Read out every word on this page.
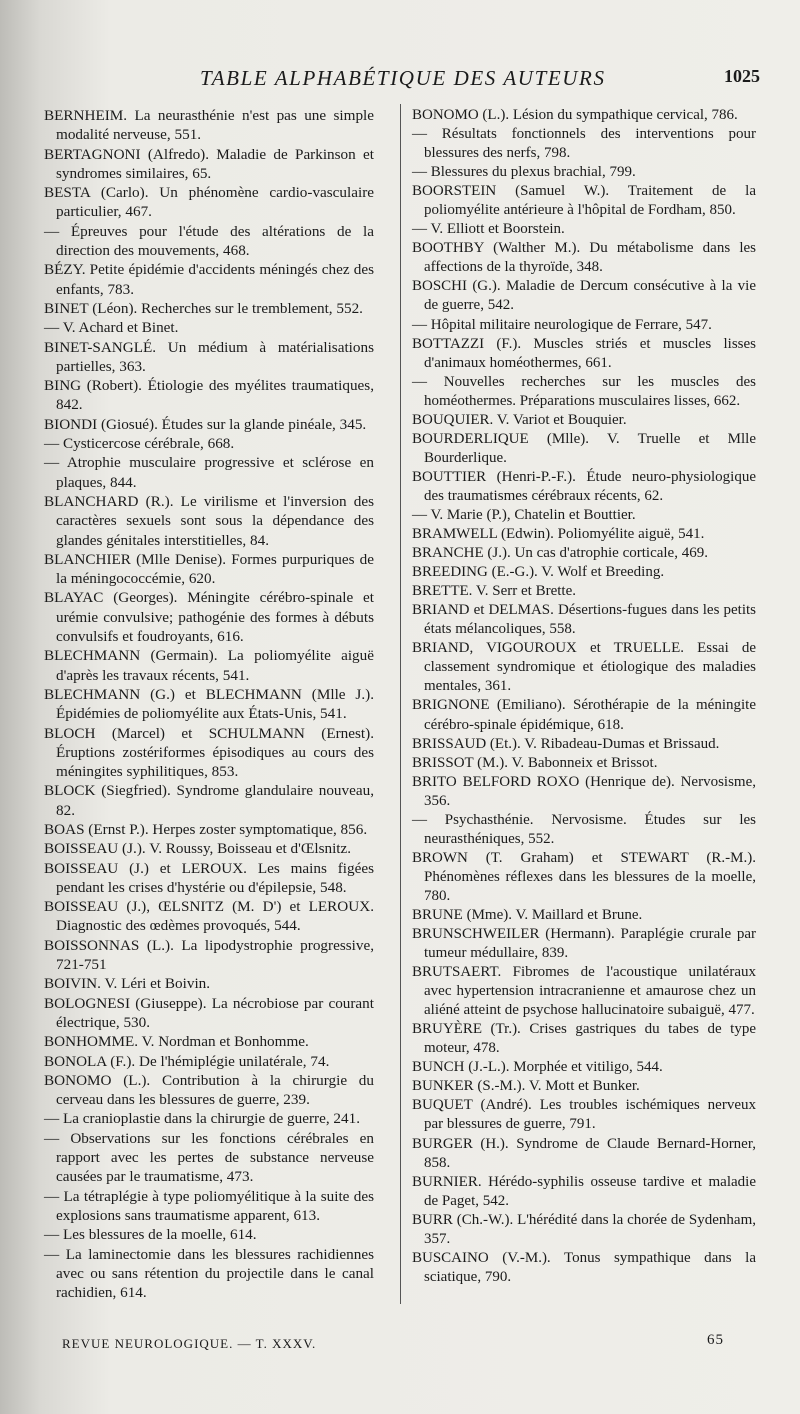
TABLE ALPHABÉTIQUE DES AUTEURS	1025
BERNHEIM. La neurasthénie n'est pas une simple modalité nerveuse, 551.
BERTAGNONI (Alfredo). Maladie de Parkinson et syndromes similaires, 65.
BESTA (Carlo). Un phénomène cardio-vasculaire particulier, 467.
— Épreuves pour l'étude des altérations de la direction des mouvements, 468.
BÉZY. Petite épidémie d'accidents méningés chez des enfants, 783.
BINET (Léon). Recherches sur le tremblement, 552.
— V. Achard et Binet.
BINET-SANGLÉ. Un médium à matérialisations partielles, 363.
BING (Robert). Étiologie des myélites traumatiques, 842.
BIONDI (Giosué). Études sur la glande pinéale, 345.
— Cysticercose cérébrale, 668.
— Atrophie musculaire progressive et sclérose en plaques, 844.
BLANCHARD (R.). Le virilisme et l'inversion des caractères sexuels sont sous la dépendance des glandes génitales interstitielles, 84.
BLANCHIER (Mlle Denise). Formes purpuriques de la méningococcémie, 620.
BLAYAC (Georges). Méningite cérébro-spinale et urémie convulsive; pathogénie des formes à débuts convulsifs et foudroyants, 616.
BLECHMANN (Germain). La poliomyélite aiguë d'après les travaux récents, 541.
BLECHMANN (G.) et BLECHMANN (Mlle J.). Épidémies de poliomyélite aux États-Unis, 541.
BLOCH (Marcel) et SCHULMANN (Ernest). Éruptions zostériformes épisodiques au cours des méningites syphilitiques, 853.
BLOCK (Siegfried). Syndrome glandulaire nouveau, 82.
BOAS (Ernst P.). Herpes zoster symptomatique, 856.
BOISSEAU (J.). V. Roussy, Boisseau et d'Œlsnitz.
BOISSEAU (J.) et LEROUX. Les mains figées pendant les crises d'hystérie ou d'épilepsie, 548.
BOISSEAU (J.), ŒLSNITZ (M. D') et LEROUX. Diagnostic des œdèmes provoqués, 544.
BOISSONNAS (L.). La lipodystrophie progressive, 721-751
BOIVIN. V. Léri et Boivin.
BOLOGNESI (Giuseppe). La nécrobiose par courant électrique, 530.
BONHOMME. V. Nordman et Bonhomme.
BONOLA (F.). De l'hémiplégie unilatérale, 74.
BONOMO (L.). Contribution à la chirurgie du cerveau dans les blessures de guerre, 239.
— La cranioplastie dans la chirurgie de guerre, 241.
— Observations sur les fonctions cérébrales en rapport avec les pertes de substance nerveuse causées par le traumatisme, 473.
— La tétraplégie à type poliomyélitique à la suite des explosions sans traumatisme apparent, 613.
— Les blessures de la moelle, 614.
— La laminectomie dans les blessures rachidiennes avec ou sans rétention du projectile dans le canal rachidien, 614.
BONOMO (L.). Lésion du sympathique cervical, 786.
— Résultats fonctionnels des interventions pour blessures des nerfs, 798.
— Blessures du plexus brachial, 799.
BOORSTEIN (Samuel W.). Traitement de la poliomyélite antérieure à l'hôpital de Fordham, 850.
— V. Elliott et Boorstein.
BOOTHBY (Walther M.). Du métabolisme dans les affections de la thyroïde, 348.
BOSCHI (G.). Maladie de Dercum consécutive à la vie de guerre, 542.
— Hôpital militaire neurologique de Ferrare, 547.
BOTTAZZI (F.). Muscles striés et muscles lisses d'animaux homéothermes, 661.
— Nouvelles recherches sur les muscles des homéothermes. Préparations musculaires lisses, 662.
BOUQUIER. V. Variot et Bouquier.
BOURDERLIQUE (Mlle). V. Truelle et Mlle Bourderlique.
BOUTTIER (Henri-P.-F.). Étude neuro-physiologique des traumatismes cérébraux récents, 62.
— V. Marie (P.), Chatelin et Bouttier.
BRAMWELL (Edwin). Poliomyélite aiguë, 541.
BRANCHE (J.). Un cas d'atrophie corticale, 469.
BREEDING (E.-G.). V. Wolf et Breeding.
BRETTE. V. Serr et Brette.
BRIAND et DELMAS. Désertions-fugues dans les petits états mélancoliques, 558.
BRIAND, VIGOUROUX et TRUELLE. Essai de classement syndromique et étiologique des maladies mentales, 361.
BRIGNONE (Emiliano). Sérothérapie de la méningite cérébro-spinale épidémique, 618.
BRISSAUD (Et.). V. Ribadeau-Dumas et Brissaud.
BRISSOT (M.). V. Babonneix et Brissot.
BRITO BELFORD ROXO (Henrique de). Nervosisme, 356.
— Psychasthénie. Nervosisme. Études sur les neurasthéniques, 552.
BROWN (T. Graham) et STEWART (R.-M.). Phénomènes réflexes dans les blessures de la moelle, 780.
BRUNE (Mme). V. Maillard et Brune.
BRUNSCHWEILER (Hermann). Paraplégie crurale par tumeur médullaire, 839.
BRUTSAERT. Fibromes de l'acoustique unilatéraux avec hypertension intracranienne et amaurose chez un aliéné atteint de psychose hallucinatoire subaiguë, 477.
BRUYÈRE (Tr.). Crises gastriques du tabes de type moteur, 478.
BUNCH (J.-L.). Morphée et vitiligo, 544.
BUNKER (S.-M.). V. Mott et Bunker.
BUQUET (André). Les troubles ischémiques nerveux par blessures de guerre, 791.
BURGER (H.). Syndrome de Claude Bernard-Horner, 858.
BURNIER. Hérédo-syphilis osseuse tardive et maladie de Paget, 542.
BURR (Ch.-W.). L'hérédité dans la chorée de Sydenham, 357.
BUSCAINO (V.-M.). Tonus sympathique dans la sciatique, 790.
REVUE NEUROLOGIQUE. — T. XXXV.	65
